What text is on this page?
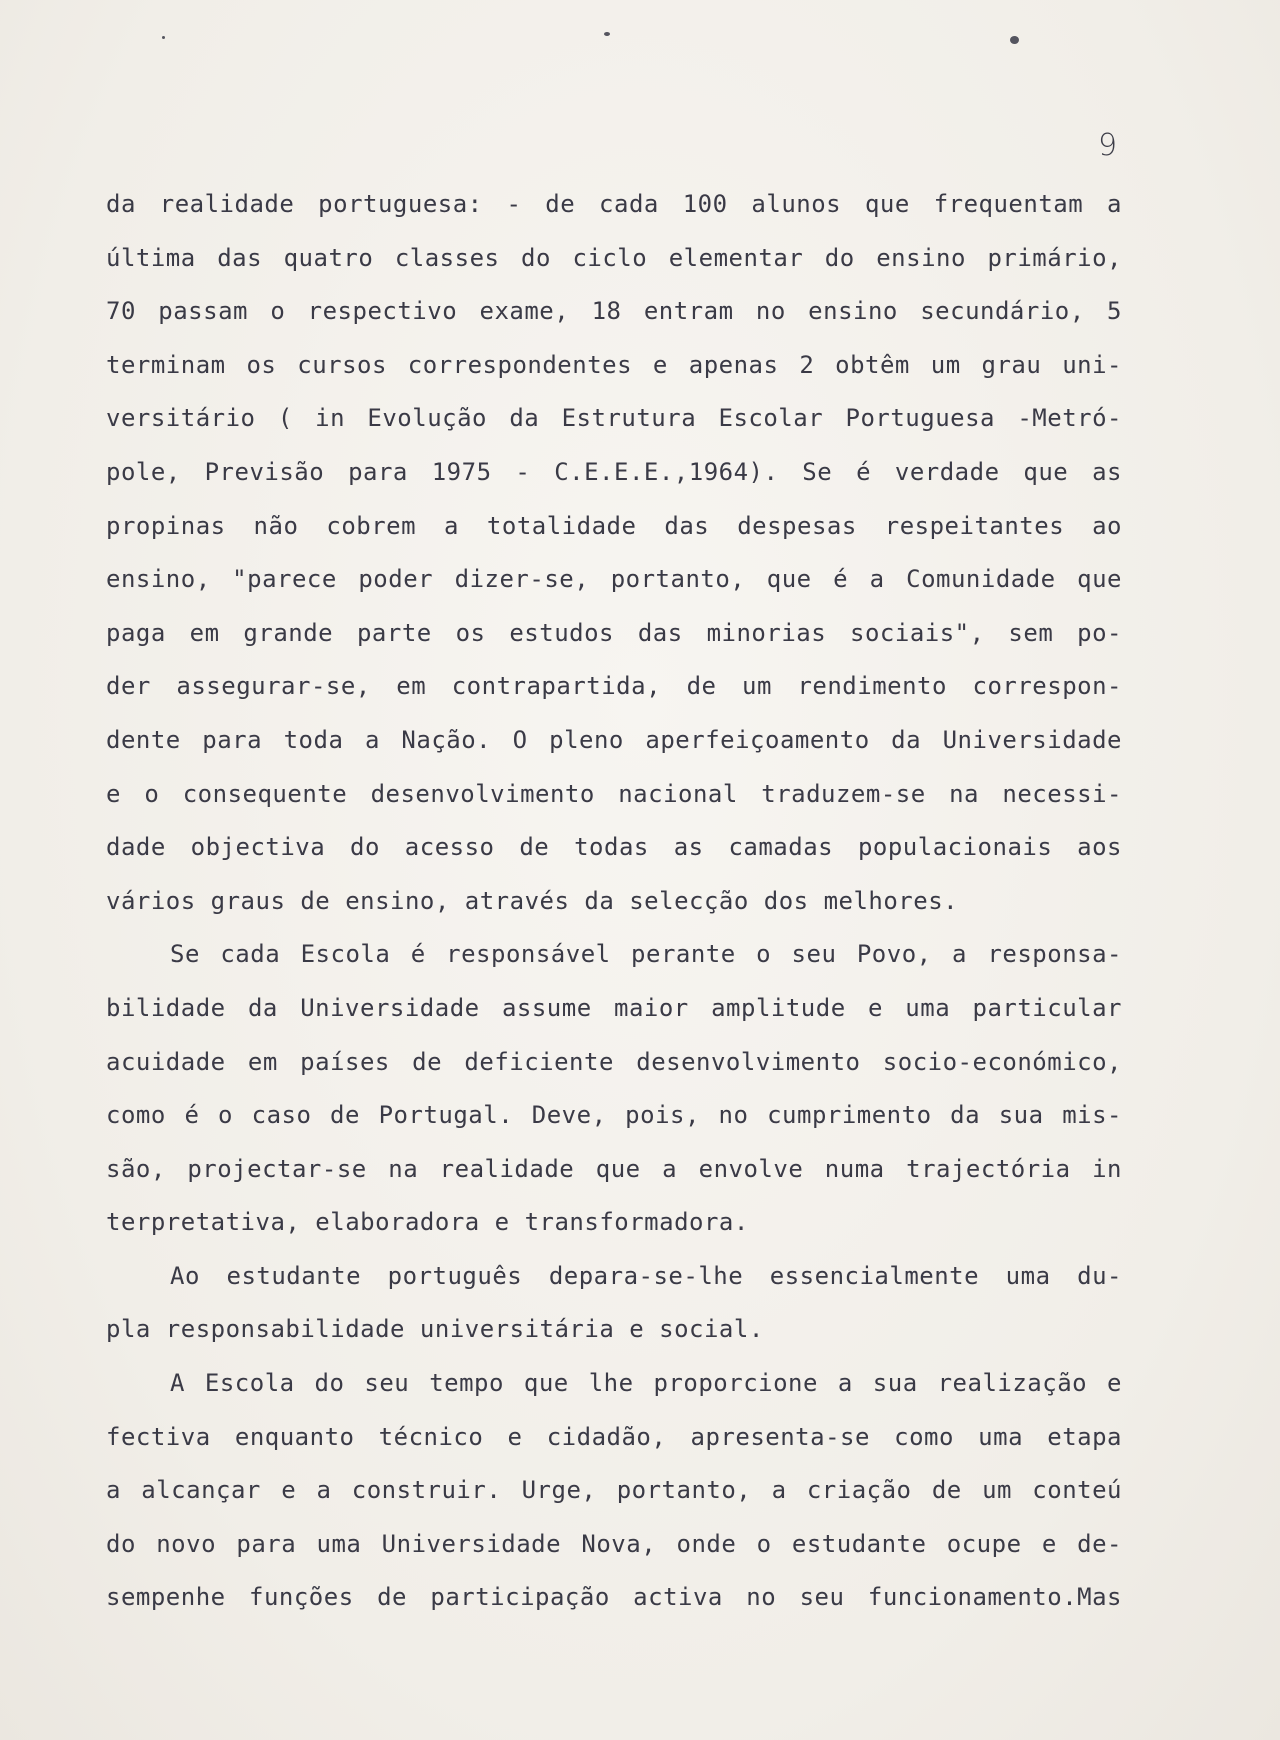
9
da realidade portuguesa: - de cada 100 alunos que frequentam a
última das quatro classes do ciclo elementar do ensino primário,
70 passam o respectivo exame, 18 entram no ensino secundário, 5
terminam os cursos correspondentes e apenas 2 obtêm um grau uni-
versitário ( in Evolução da Estrutura Escolar Portuguesa -Metró-
pole, Previsão para 1975 - C.E.E.E.,1964). Se é verdade que as
propinas não cobrem a totalidade das despesas respeitantes ao
ensino, "parece poder dizer-se, portanto, que é a Comunidade que
paga em grande parte os estudos das minorias sociais", sem po-
der assegurar-se, em contrapartida, de um rendimento correspon-
dente para toda a Nação. O pleno aperfeiçoamento da Universidade
e o consequente desenvolvimento nacional traduzem-se na necessi-
dade objectiva do acesso de todas as camadas populacionais aos
vários graus de ensino, através da selecção dos melhores.
Se cada Escola é responsável perante o seu Povo, a responsa-
bilidade da Universidade assume maior amplitude e uma particular
acuidade em países de deficiente desenvolvimento socio-económico,
como é o caso de Portugal. Deve, pois, no cumprimento da sua mis-
são, projectar-se na realidade que a envolve numa trajectória in
terpretativa, elaboradora e transformadora.
Ao estudante português depara-se-lhe essencialmente uma du-
pla responsabilidade universitária e social.
A Escola do seu tempo que lhe proporcione a sua realização e
fectiva enquanto técnico e cidadão, apresenta-se como uma etapa
a alcançar e a construir. Urge, portanto, a criação de um conteú
do novo para uma Universidade Nova, onde o estudante ocupe e de-
sempenhe funções de participação activa no seu funcionamento.Mas
